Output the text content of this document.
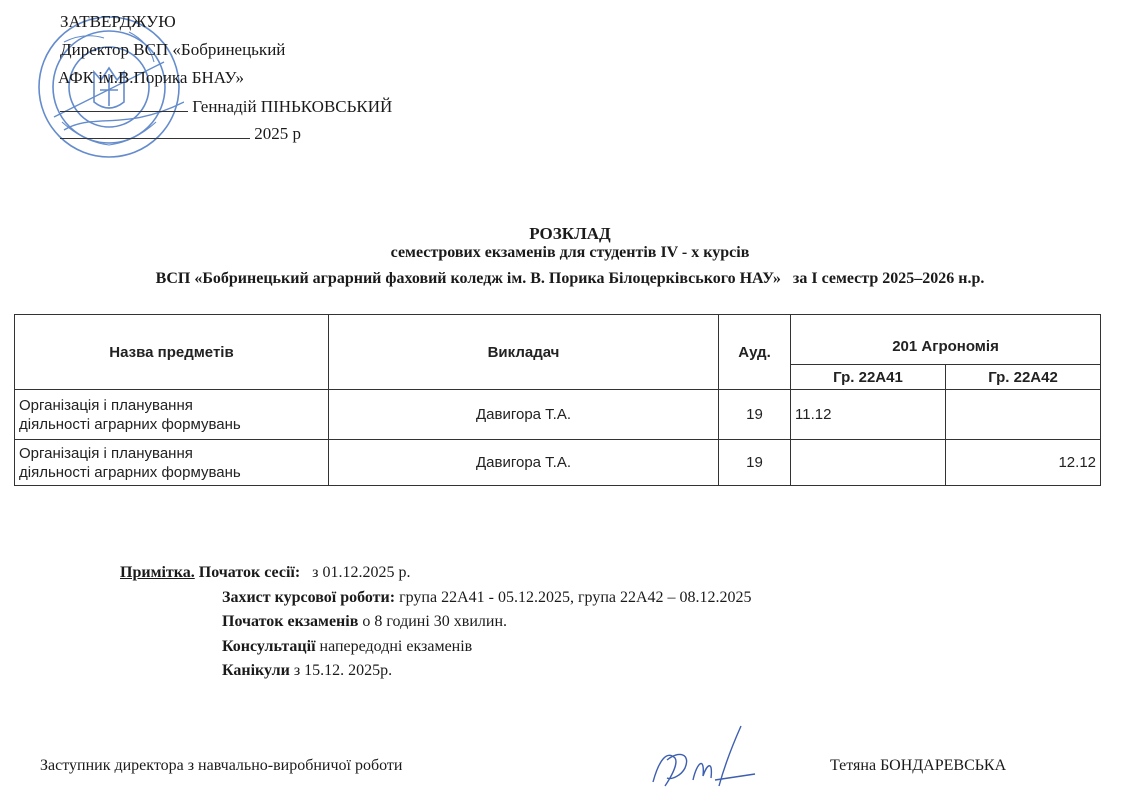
ЗАТВЕРДЖУЮ
Директор ВСП «Бобринецький
АФК ім.В.Порика БНАУ»
Геннадій ПІНЬКОВСЬКИЙ
2025 р
РОЗКЛАД
семестрових екзаменів для студентів IV - х курсів
ВСП «Бобринецький аграрний фаховий коледж ім. В. Порика Білоцерківського НАУ» за І семестр 2025–2026 н.р.
Назва предметів	Викладач	Ауд.	201 Агрономія	
			Гр. 22А41	Гр. 22А42

Організація і планування
діяльності аграрних формувань	Давигора Т.А.	19	11.12	

Організація і планування
діяльності аграрних формувань	Давигора Т.А.	19		12.12
Примітка. Початок сесії: з 01.12.2025 р.
Захист курсової роботи: група 22А41 - 05.12.2025, група 22А42 – 08.12.2025
Початок екзаменів о 8 годині 30 хвилин.
Консультації напередодні екзаменів
Канікули з 15.12. 2025р.
Заступник директора з навчально-виробничої роботи	Тетяна БОНДАРЕВСЬКА
